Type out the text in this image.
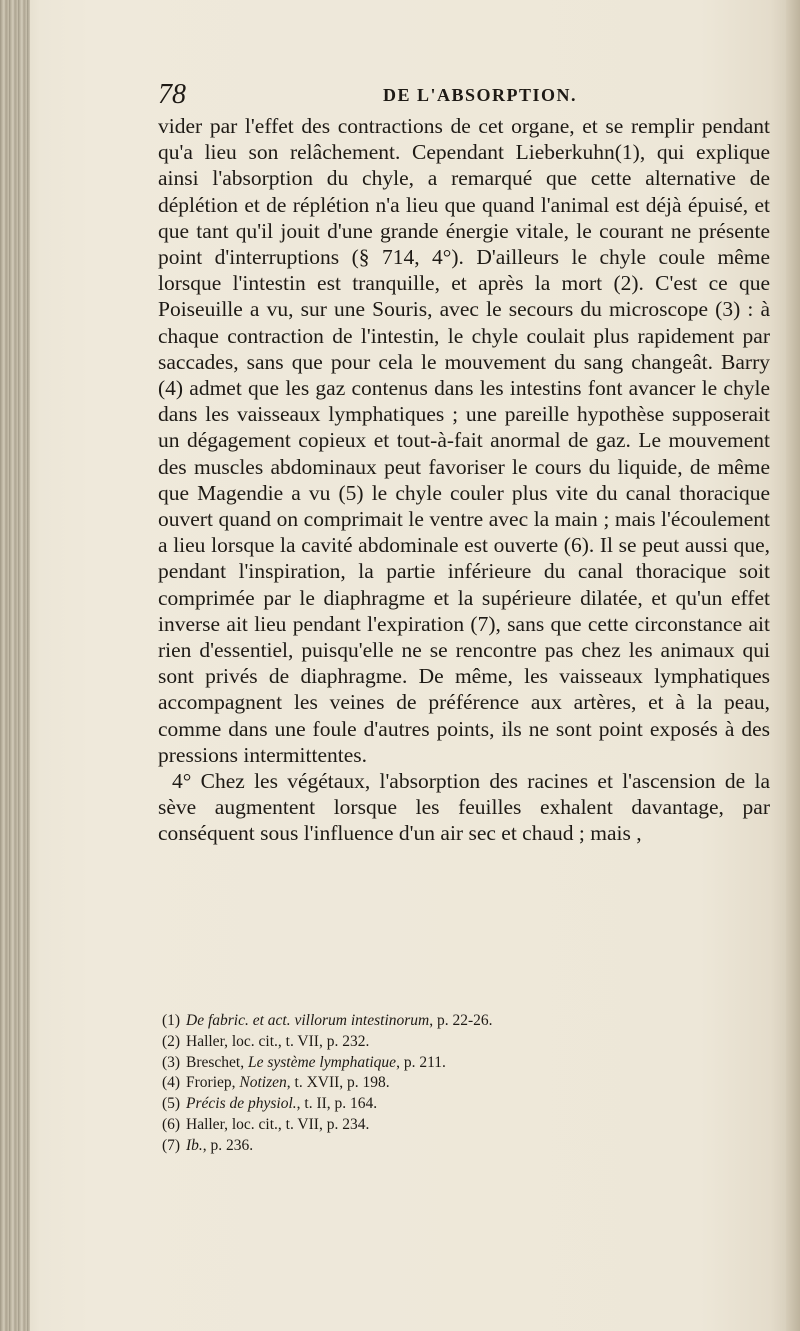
78	DE L'ABSORPTION.

vider par l'effet des contractions de cet organe, et se remplir pendant qu'a lieu son relâchement. Cependant Lieberkuhn(1), qui explique ainsi l'absorption du chyle, a remarqué que cette alternative de déplétion et de réplétion n'a lieu que quand l'animal est déjà épuisé, et que tant qu'il jouit d'une grande énergie vitale, le courant ne présente point d'interruptions (§ 714, 4°). D'ailleurs le chyle coule même lorsque l'intestin est tranquille, et après la mort (2). C'est ce que Poiseuille a vu, sur une Souris, avec le secours du microscope (3) : à chaque contraction de l'intestin, le chyle coulait plus rapidement par saccades, sans que pour cela le mouvement du sang changeât. Barry (4) admet que les gaz contenus dans les intestins font avancer le chyle dans les vaisseaux lymphatiques ; une pareille hypothèse supposerait un dégagement copieux et tout-à-fait anormal de gaz. Le mouvement des muscles abdominaux peut favoriser le cours du liquide, de même que Magendie a vu (5) le chyle couler plus vite du canal thoracique ouvert quand on comprimait le ventre avec la main ; mais l'écoulement a lieu lorsque la cavité abdominale est ouverte (6). Il se peut aussi que, pendant l'inspiration, la partie inférieure du canal thoracique soit comprimée par le diaphragme et la supérieure dilatée, et qu'un effet inverse ait lieu pendant l'expiration (7), sans que cette circonstance ait rien d'essentiel, puisqu'elle ne se rencontre pas chez les animaux qui sont privés de diaphragme. De même, les vaisseaux lymphatiques accompagnent les veines de préférence aux artères, et à la peau, comme dans une foule d'autres points, ils ne sont point exposés à des pressions intermittentes.

4° Chez les végétaux, l'absorption des racines et l'ascension de la sève augmentent lorsque les feuilles exhalent davantage, par conséquent sous l'influence d'un air sec et chaud ; mais ,

(1) De fabric. et act. villorum intestinorum, p. 22-26.
(2) Haller, loc. cit., t. VII, p. 232.
(3) Breschet, Le système lymphatique, p. 211.
(4) Froriep, Notizen, t. XVII, p. 198.
(5) Précis de physiol., t. II, p. 164.
(6) Haller, loc. cit., t. VII, p. 234.
(7) Ib., p. 236.
